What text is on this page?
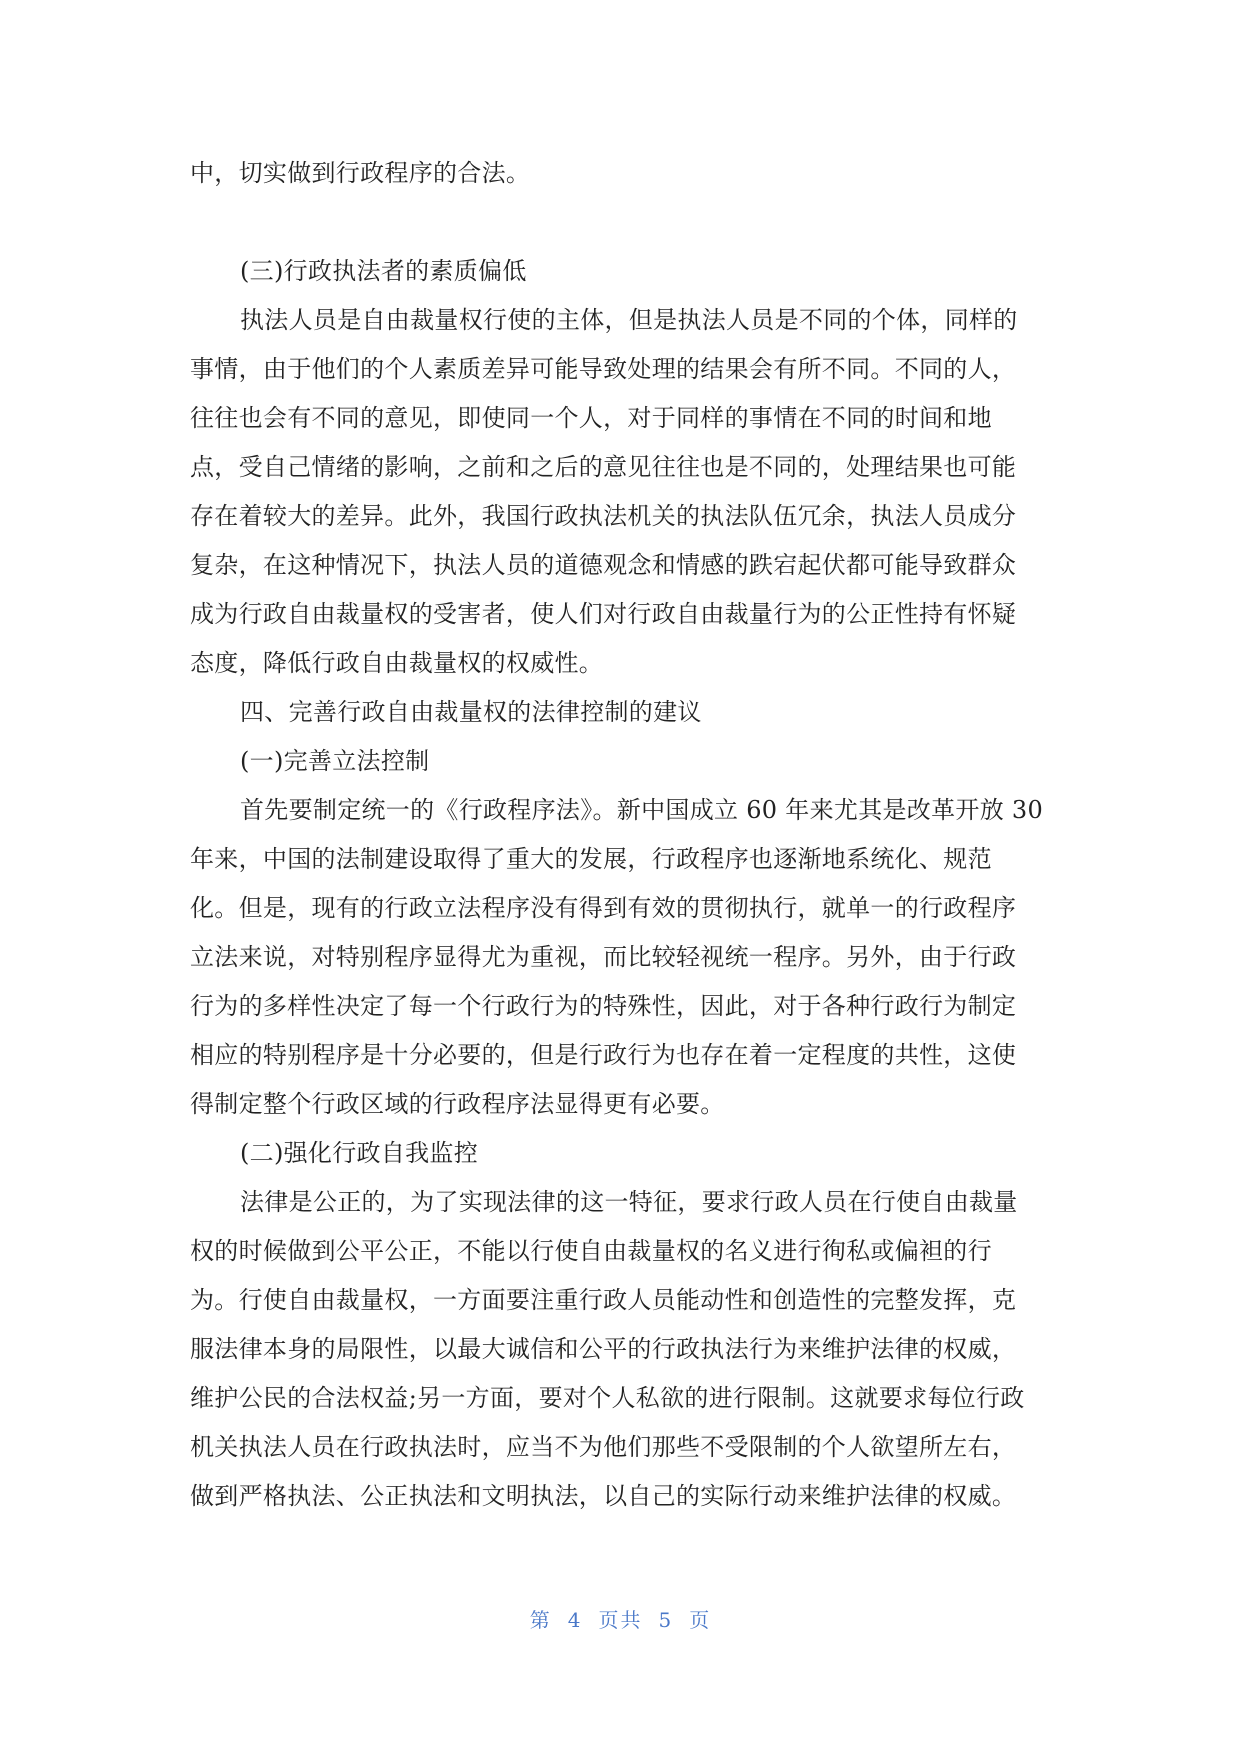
中，切实做到行政程序的合法。
(三)行政执法者的素质偏低
执法人员是自由裁量权行使的主体，但是执法人员是不同的个体，同样的
事情，由于他们的个人素质差异可能导致处理的结果会有所不同。不同的人，
往往也会有不同的意见，即使同一个人，对于同样的事情在不同的时间和地
点，受自己情绪的影响，之前和之后的意见往往也是不同的，处理结果也可能
存在着较大的差异。此外，我国行政执法机关的执法队伍冗余，执法人员成分
复杂，在这种情况下，执法人员的道德观念和情感的跌宕起伏都可能导致群众
成为行政自由裁量权的受害者，使人们对行政自由裁量行为的公正性持有怀疑
态度，降低行政自由裁量权的权威性。
四、完善行政自由裁量权的法律控制的建议
(一)完善立法控制
首先要制定统一的《行政程序法》。新中国成立 60 年来尤其是改革开放 30
年来，中国的法制建设取得了重大的发展，行政程序也逐渐地系统化、规范
化。但是，现有的行政立法程序没有得到有效的贯彻执行，就单一的行政程序
立法来说，对特别程序显得尤为重视，而比较轻视统一程序。另外，由于行政
行为的多样性决定了每一个行政行为的特殊性，因此，对于各种行政行为制定
相应的特别程序是十分必要的，但是行政行为也存在着一定程度的共性，这使
得制定整个行政区域的行政程序法显得更有必要。
(二)强化行政自我监控
法律是公正的，为了实现法律的这一特征，要求行政人员在行使自由裁量
权的时候做到公平公正，不能以行使自由裁量权的名义进行徇私或偏袒的行
为。行使自由裁量权，一方面要注重行政人员能动性和创造性的完整发挥，克
服法律本身的局限性，以最大诚信和公平的行政执法行为来维护法律的权威，
维护公民的合法权益;另一方面，要对个人私欲的进行限制。这就要求每位行政
机关执法人员在行政执法时，应当不为他们那些不受限制的个人欲望所左右，
做到严格执法、公正执法和文明执法，以自己的实际行动来维护法律的权威。
第 4 页共 5 页
